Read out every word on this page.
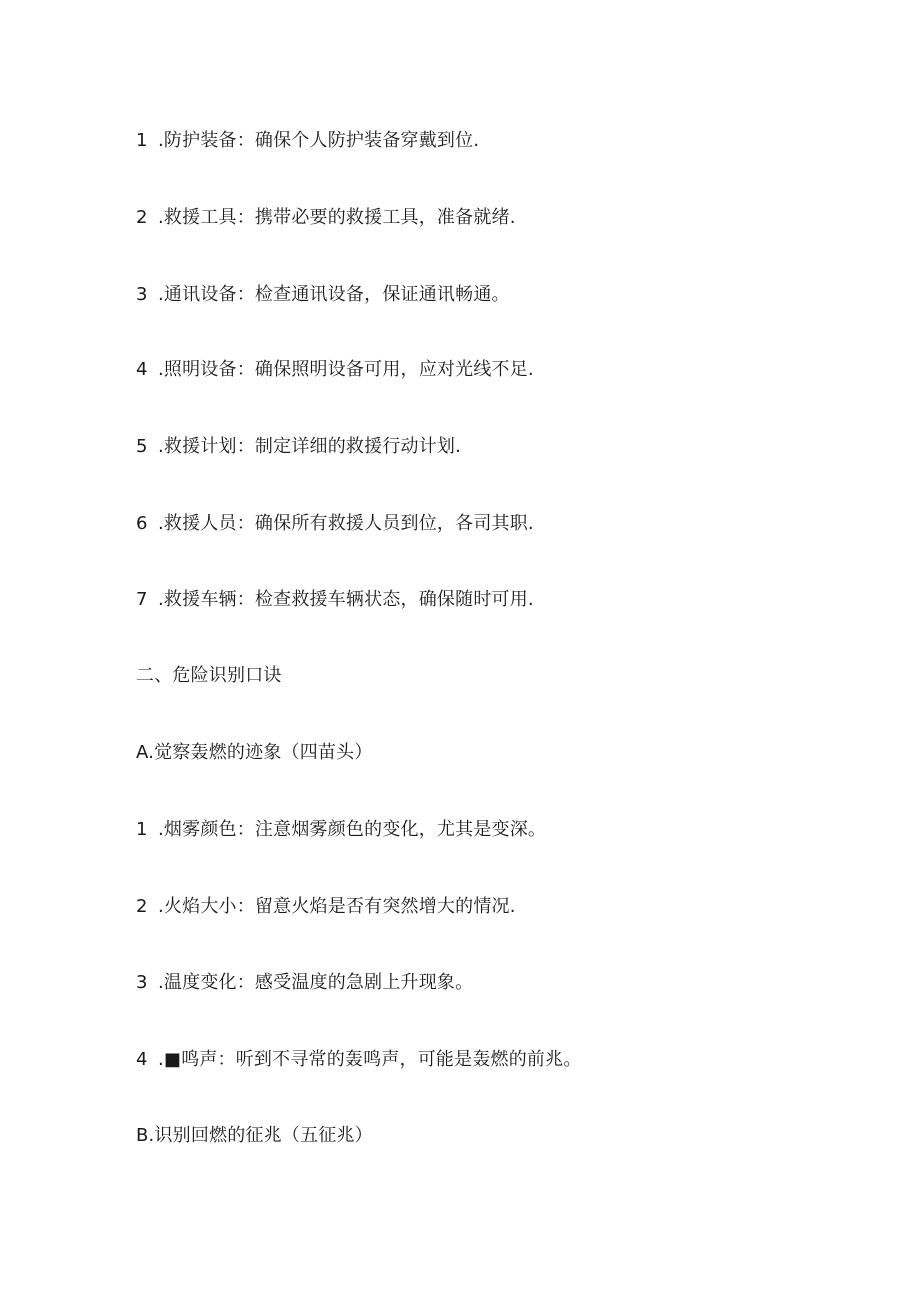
1 .防护装备：确保个人防护装备穿戴到位.
2 .救援工具：携带必要的救援工具，准备就绪.
3 .通讯设备：检查通讯设备，保证通讯畅通。
4 .照明设备：确保照明设备可用，应对光线不足.
5 .救援计划：制定详细的救援行动计划.
6 .救援人员：确保所有救援人员到位，各司其职.
7 .救援车辆：检查救援车辆状态，确保随时可用.
二、危险识别口诀
A.觉察轰燃的迹象（四苗头）
1 .烟雾颜色：注意烟雾颜色的变化，尤其是变深。
2 .火焰大小：留意火焰是否有突然增大的情况.
3 .温度变化：感受温度的急剧上升现象。
4 .■鸣声：听到不寻常的轰鸣声，可能是轰燃的前兆。
B.识别回燃的征兆（五征兆）
